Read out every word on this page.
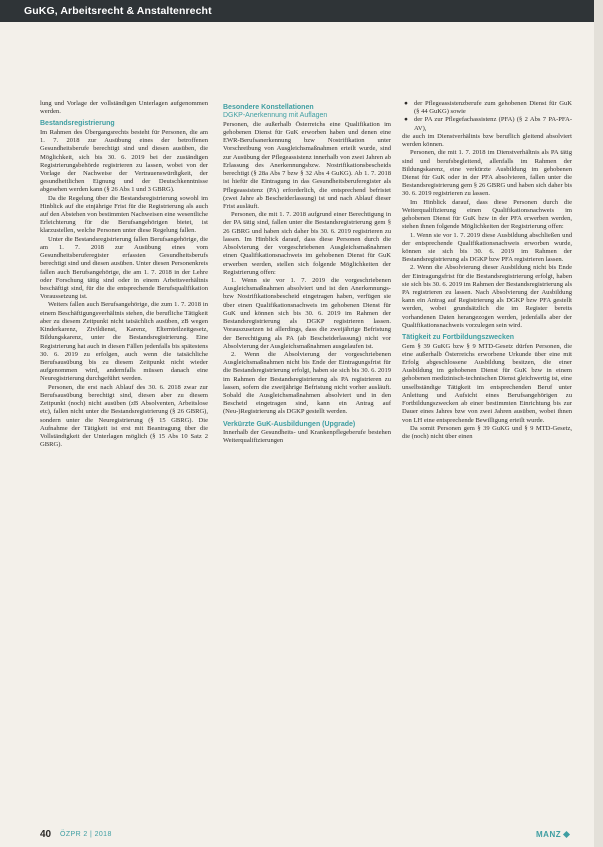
GuKG, Arbeitsrecht & Anstaltenrecht

lung und Vorlage der vollständigen Unterlagen aufgenommen werden.

Bestandsregistrierung

Im Rahmen des Übergangsrechts besteht für Personen, die am 1. 7. 2018 zur Ausübung eines der betroffenen Gesundheitsberufe berechtigt sind und diesen ausüben, die Möglichkeit, sich bis 30. 6. 2019 bei der zuständigen Registrierungsbehörde registrieren zu lassen, wobei von der Vorlage der Nachweise der Vertrauenswürdigkeit, der gesundheitlichen Eignung und der Deutschkenntnisse abgesehen werden kann (§ 26 Abs 1 und 3 GBRG).

Da die Regelung über die Bestandsregistrierung sowohl im Hinblick auf die einjährige Frist für die Registrierung als auch auf den Abstehen von bestimmten Nachweisen eine wesentliche Erleichterung für die Berufsangehörigen bietet, ist klarzustellen, welche Personen unter diese Regelung fallen.

Unter die Bestandsregistrierung fallen Berufsangehörige, die am 1. 7. 2018 zur Ausübung eines vom Gesundheitsberuferegister erfassten Gesundheitsberufs berechtigt sind und diesen ausüben. Unter diesen Personenkreis fallen auch Berufsangehörige, die am 1. 7. 2018 in der Lehre oder Forschung tätig sind oder in einem Arbeitsverhältnis beschäftigt sind, für die die entsprechende Berufsqualifikation Voraussetzung ist.

Weiters fallen auch Berufsangehörige, die zum 1. 7. 2018 in einem Beschäftigungsverhältnis stehen, die berufliche Tätigkeit aber zu diesem Zeitpunkt nicht tatsächlich ausüben, zB wegen Kinderkarenz, Zivildienst, Karenz, Elternteilzeitgesetz, Bildungskarenz, unter die Bestandsregistrierung. Eine Registrierung hat auch in diesen Fällen jedenfalls bis spätestens 30. 6. 2019 zu erfolgen, auch wenn die tatsächliche Berufsausübung bis zu diesem Zeitpunkt nicht wieder aufgenommen wird, andernfalls müssen danach eine Neuregistrierung durchgeführt werden.

Personen, die erst nach Ablauf des 30. 6. 2018 zwar zur Berufsausübung berechtigt sind, diesen aber zu diesem Zeitpunkt (noch) nicht ausüben (zB Absolventen, Arbeitslose etc), fallen nicht unter die Bestandsregistrierung (§ 26 GBRG), sondern unter die Neuregistrierung (§ 15 GBRG). Die Aufnahme der Tätigkeit ist erst mit Beantragung über die Vollständigkeit der Unterlagen möglich (§ 15 Abs 10 Satz 2 GBRG).

Besondere Konstellationen
DGKP-Anerkennung mit Auflagen

Personen, die außerhalb Österreichs eine Qualifikation im gehobenen Dienst für GuK erworben haben und denen eine EWR-Berufsanerkennung bzw Nostrifikation unter Vorschreibung von Ausgleichsmaßnahmen erteilt wurde, sind zur Ausübung der Pflegeassistenz innerhalb von zwei Jahren ab Erlassung des Anerkennungsbzw. Nostrifikationsbescheids berechtigt (§ 28a Abs 7 bzw § 32 Abs 4 GuKG). Ab 1. 7. 2018 ist hiefür die Eintragung in das Gesundheitsberuferegister als Pflegeassistenz (PA) erforderlich, die entsprechend befristet (zwei Jahre ab Bescheiderlassung) ist und nach Ablauf dieser Frist ausläuft.

Personen, die mit 1. 7. 2018 aufgrund einer Berechtigung in der PA tätig sind, fallen unter die Bestandsregistrierung gem § 26 GBRG und haben sich daher bis 30. 6. 2019 registrieren zu lassen. Im Hinblick darauf, dass diese Personen durch die Absolvierung der vorgeschriebenen Ausgleichsmaßnahmen einen Qualifikationsnachweis im gehobenen Dienst für GuK erwerben werden, stellen sich folgende Möglichkeiten der Registrierung offen:

1. Wenn sie vor 1. 7. 2019 die vorgeschriebenen Ausgleichsmaßnahmen absolviert und ist den Anerkennungs- bzw Nostrifikationsbescheid eingetragen haben, verfügen sie über einen Qualifikationsnachweis im gehobenen Dienst für GuK und können sich bis 30. 6. 2019 im Rahmen der Bestandsregistrierung als DGKP registrieren lassen. Vorauszusetzen ist allerdings, dass die zweijährige Befristung der Berechtigung als PA (ab Bescheiderlassung) nicht vor Absolvierung der Ausgleichsmaßnahmen ausgelaufen ist.

2. Wenn die Absolvierung der vorgeschriebenen Ausgleichsmaßnahmen nicht bis Ende der Eintragungsfrist für die Bestandsregistrierung erfolgt, haben sie sich bis 30. 6. 2019 im Rahmen der Bestandsregistrierung als PA registrieren zu lassen, sofern die zweijährige Befristung nicht vorher ausläuft. Sobald die Ausgleichsmaßnahmen absolviert und in den Bescheid eingetragen sind, kann ein Antrag auf (Neu-)Registrierung als DGKP gestellt werden.

Verkürzte GuK-Ausbildungen (Upgrade)

Innerhalb der Gesundheits- und Krankenpflegeberufe bestehen Weiterqualifizierungen

● der Pflegeassistenzberufe zum gehobenen Dienst für GuK (§ 44 GuKG) sowie
● der PA zur Pflegefachassistenz (PFA) (§ 2 Abs 7 PA-PFA-AV),

die auch im Dienstverhältnis bzw beruflich gleitend absolviert werden können.

Personen, die mit 1. 7. 2018 im Dienstverhältnis als PA tätig sind und berufsbegleitend, allenfalls im Rahmen der Bildungskarenz, eine verkürzte Ausbildung im gehobenen Dienst für GuK oder in der PFA absolvieren, fallen unter die Bestandsregistrierung gem § 26 GBRG und haben sich daher bis 30. 6. 2019 registrieren zu lassen.

Im Hinblick darauf, dass diese Personen durch die Weiterqualifizierung einen Qualifikationsnachweis im gehobenen Dienst für GuK bzw in der PFA erwerben werden, stehen ihnen folgende Möglichkeiten der Registrierung offen:

1. Wenn sie vor 1. 7. 2019 diese Ausbildung abschließen und der entsprechende Qualifikationsnachweis erworben wurde, können sie sich bis 30. 6. 2019 im Rahmen der Bestandsregistrierung als DGKP bzw PFA registrieren lassen.

2. Wenn die Absolvierung dieser Ausbildung nicht bis Ende der Eintragungsfrist für die Bestandsregistrierung erfolgt, haben sie sich bis 30. 6. 2019 im Rahmen der Bestandsregistrierung als PA registrieren zu lassen. Nach Absolvierung der Ausbildung kann ein Antrag auf Registrierung als DGKP bzw PFA gestellt werden, wobei grundsätzlich die im Register bereits vorhandenen Daten herangezogen werden, jedenfalls aber der Qualifikationsnachweis vorzulegen sein wird.

Tätigkeit zu Fortbildungszwecken

Gem § 39 GuKG bzw § 9 MTD-Gesetz dürfen Personen, die eine außerhalb Österreichs erworbene Urkunde über eine mit Erfolg abgeschlossene Ausbildung besitzen, die einer Ausbildung im gehobenen Dienst für GuK bzw in einem gehobenen medizinisch-technischen Dienst gleichwertig ist, eine unselbständige Tätigkeit im entsprechenden Beruf unter Anleitung und Aufsicht eines Berufsangehörigen zu Fortbildungszwecken ab einer bestimmten Einrichtung bis zur Dauer eines Jahres bzw von zwei Jahren ausüben, wobei ihnen von LH eine entsprechende Bewilligung erteilt wurde.

Da somit Personen gem § 39 GuKG und § 9 MTD-Gesetz, die (noch) nicht über einen

40 ÖZPR 2 | 2018	MANZ
